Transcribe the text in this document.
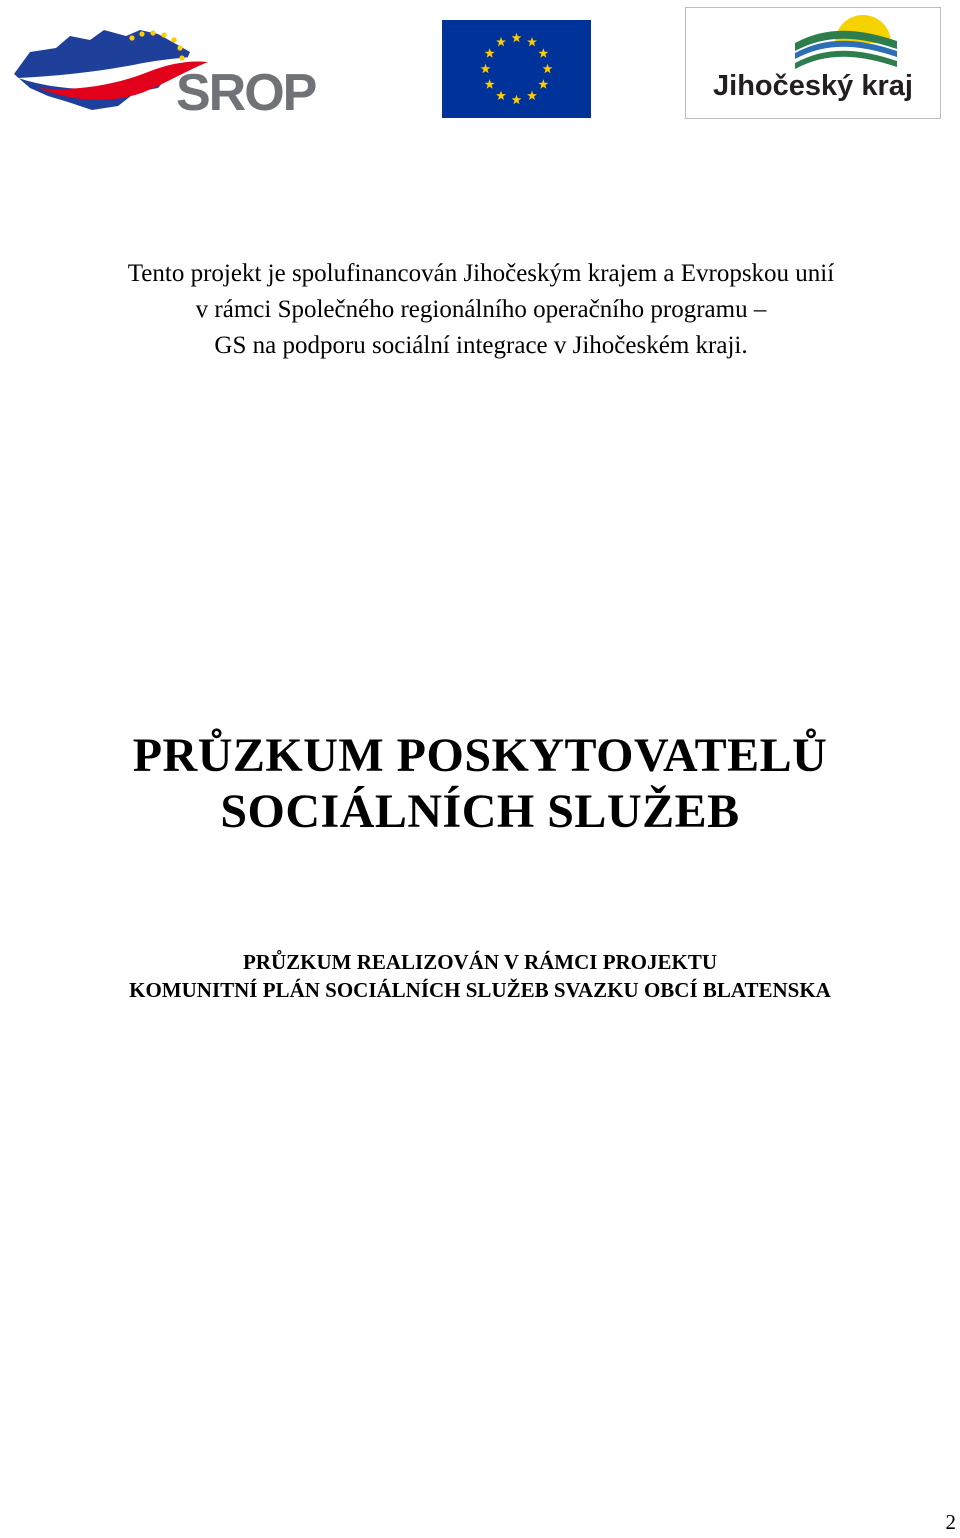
SROP	Jihočeský kraj
Tento projekt je spolufinancován Jihočeským krajem a Evropskou unií
v rámci Společného regionálního operačního programu –
GS na podporu sociální integrace v Jihočeském kraji.
PRŮZKUM POSKYTOVATELŮ
SOCIÁLNÍCH SLUŽEB
PRŮZKUM REALIZOVÁN V RÁMCI PROJEKTU
KOMUNITNÍ PLÁN SOCIÁLNÍCH SLUŽEB SVAZKU OBCÍ BLATENSKA
2
